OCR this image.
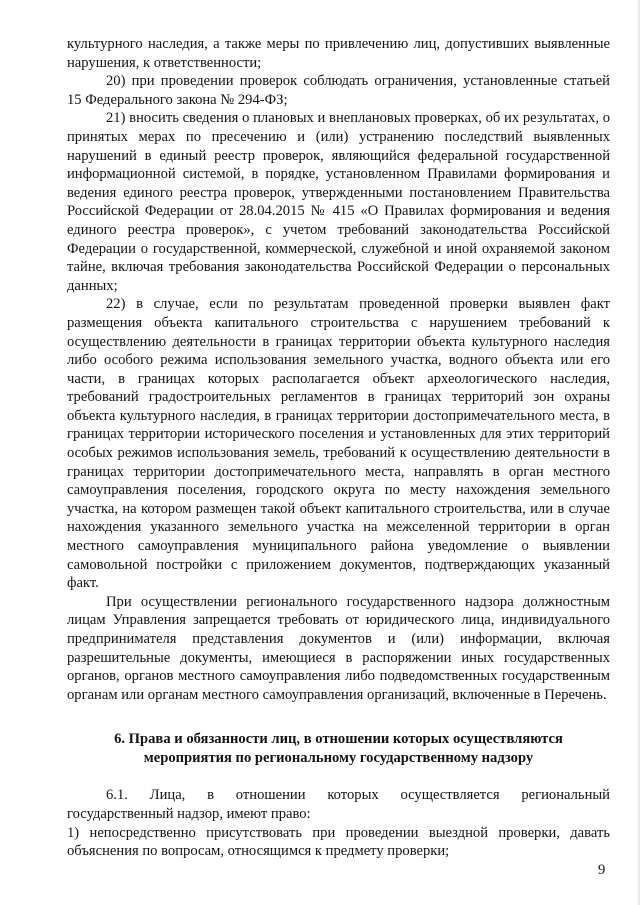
культурного наследия, а также меры по привлечению лиц, допустивших выявленные нарушения, к ответственности;

20) при проведении проверок соблюдать ограничения, установленные статьей 15 Федерального закона № 294-ФЗ;

21) вносить сведения о плановых и внеплановых проверках, об их результатах, о принятых мерах по пресечению и (или) устранению последствий выявленных нарушений в единый реестр проверок, являющийся федеральной государственной информационной системой, в порядке, установленном Правилами формирования и ведения единого реестра проверок, утвержденными постановлением Правительства Российской Федерации от 28.04.2015 № 415 «О Правилах формирования и ведения единого реестра проверок», с учетом требований законодательства Российской Федерации о государственной, коммерческой, служебной и иной охраняемой законом тайне, включая требования законодательства Российской Федерации о персональных данных;

22) в случае, если по результатам проведенной проверки выявлен факт размещения объекта капитального строительства с нарушением требований к осуществлению деятельности в границах территории объекта культурного наследия либо особого режима использования земельного участка, водного объекта или его части, в границах которых располагается объект археологического наследия, требований градостроительных регламентов в границах территорий зон охраны объекта культурного наследия, в границах территории достопримечательного места, в границах территории исторического поселения и установленных для этих территорий особых режимов использования земель, требований к осуществлению деятельности в границах территории достопримечательного места, направлять в орган местного самоуправления поселения, городского округа по месту нахождения земельного участка, на котором размещен такой объект капитального строительства, или в случае нахождения указанного земельного участка на межселенной территории в орган местного самоуправления муниципального района уведомление о выявлении самовольной постройки с приложением документов, подтверждающих указанный факт.

При осуществлении регионального государственного надзора должностным лицам Управления запрещается требовать от юридического лица, индивидуального предпринимателя представления документов и (или) информации, включая разрешительные документы, имеющиеся в распоряжении иных государственных органов, органов местного самоуправления либо подведомственных государственным органам или органам местного самоуправления организаций, включенные в Перечень.

6. Права и обязанности лиц, в отношении которых осуществляются
мероприятия по региональному государственному надзору

6.1. Лица, в отношении которых осуществляется региональный государственный надзор, имеют право:

1) непосредственно присутствовать при проведении выездной проверки, давать объяснения по вопросам, относящимся к предмету проверки;

9
